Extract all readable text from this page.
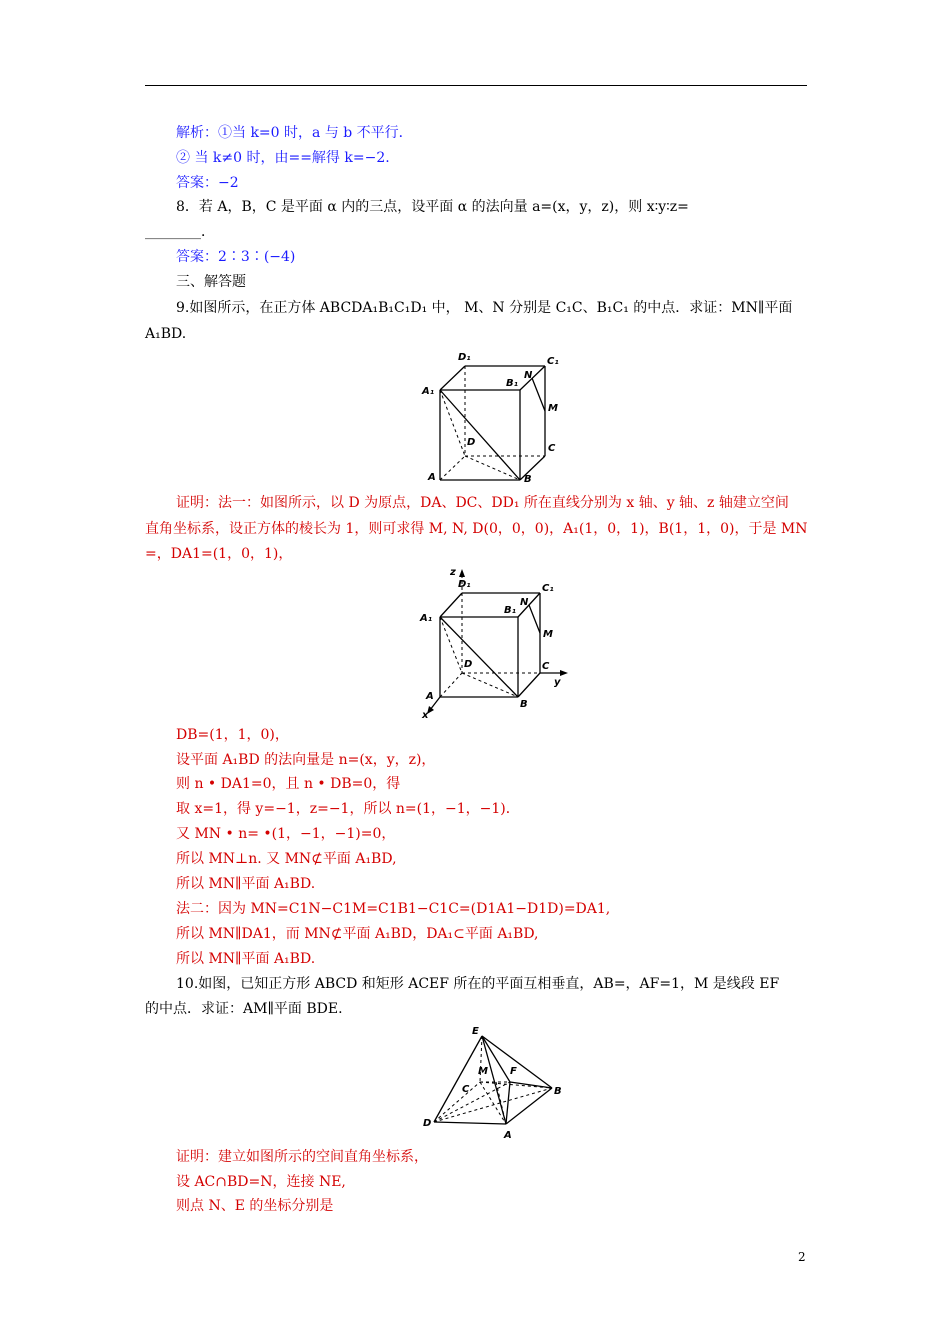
解析：①当 k=0 时，a 与 b 不平行．
② 当 k≠0 时，由==解得 k=−2.
答案：−2
8．若 A，B，C 是平面 α 内的三点，设平面 α 的法向量 a=(x，y，z)，则 x∶y∶z=
________．
答案：2∶3∶(−4)
三、解答题
9.如图所示，在正方体 ABCDA₁B₁C₁D₁ 中， M、N 分别是 C₁C、B₁C₁ 的中点．求证：MN∥平面
A₁BD.
D₁	C₁
A₁
B₁
N
M
D
C
A	B
证明：法一：如图所示，以 D 为原点，DA、DC、DD₁ 所在直线分别为 x 轴、y 轴、z 轴建立空间
直角坐标系，设正方体的棱长为 1，则可求得 M, N, D(0，0，0)，A₁(1，0，1)，B(1，1，0)，于是 MN
=，DA1=(1，0，1)，
z
D₁	C₁
A₁
B₁
N
M
D	C
y
A
x
B
DB=(1，1，0)，
设平面 A₁BD 的法向量是 n=(x，y，z)，
则 n • DA1=0，且 n • DB=0，得
取 x=1，得 y=−1，z=−1，所以 n=(1，−1，−1)．
又 MN • n= •(1，−1，−1)=0，
所以 MN⊥n. 又 MN⊄平面 A₁BD,
所以 MN∥平面 A₁BD.
法二：因为 MN=C1N−C1M=C1B1−C1C=(D1A1−D1D)=DA1,
所以 MN∥DA1，而 MN⊄平面 A₁BD，DA₁⊂平面 A₁BD,
所以 MN∥平面 A₁BD.
10.如图，已知正方形 ABCD 和矩形 ACEF 所在的平面互相垂直，AB=，AF=1，M 是线段 EF
的中点．求证：AM∥平面 BDE.
E
M F
C	B
D
A
证明：建立如图所示的空间直角坐标系，
设 AC∩BD=N，连接 NE,
则点 N、E 的坐标分别是
2
